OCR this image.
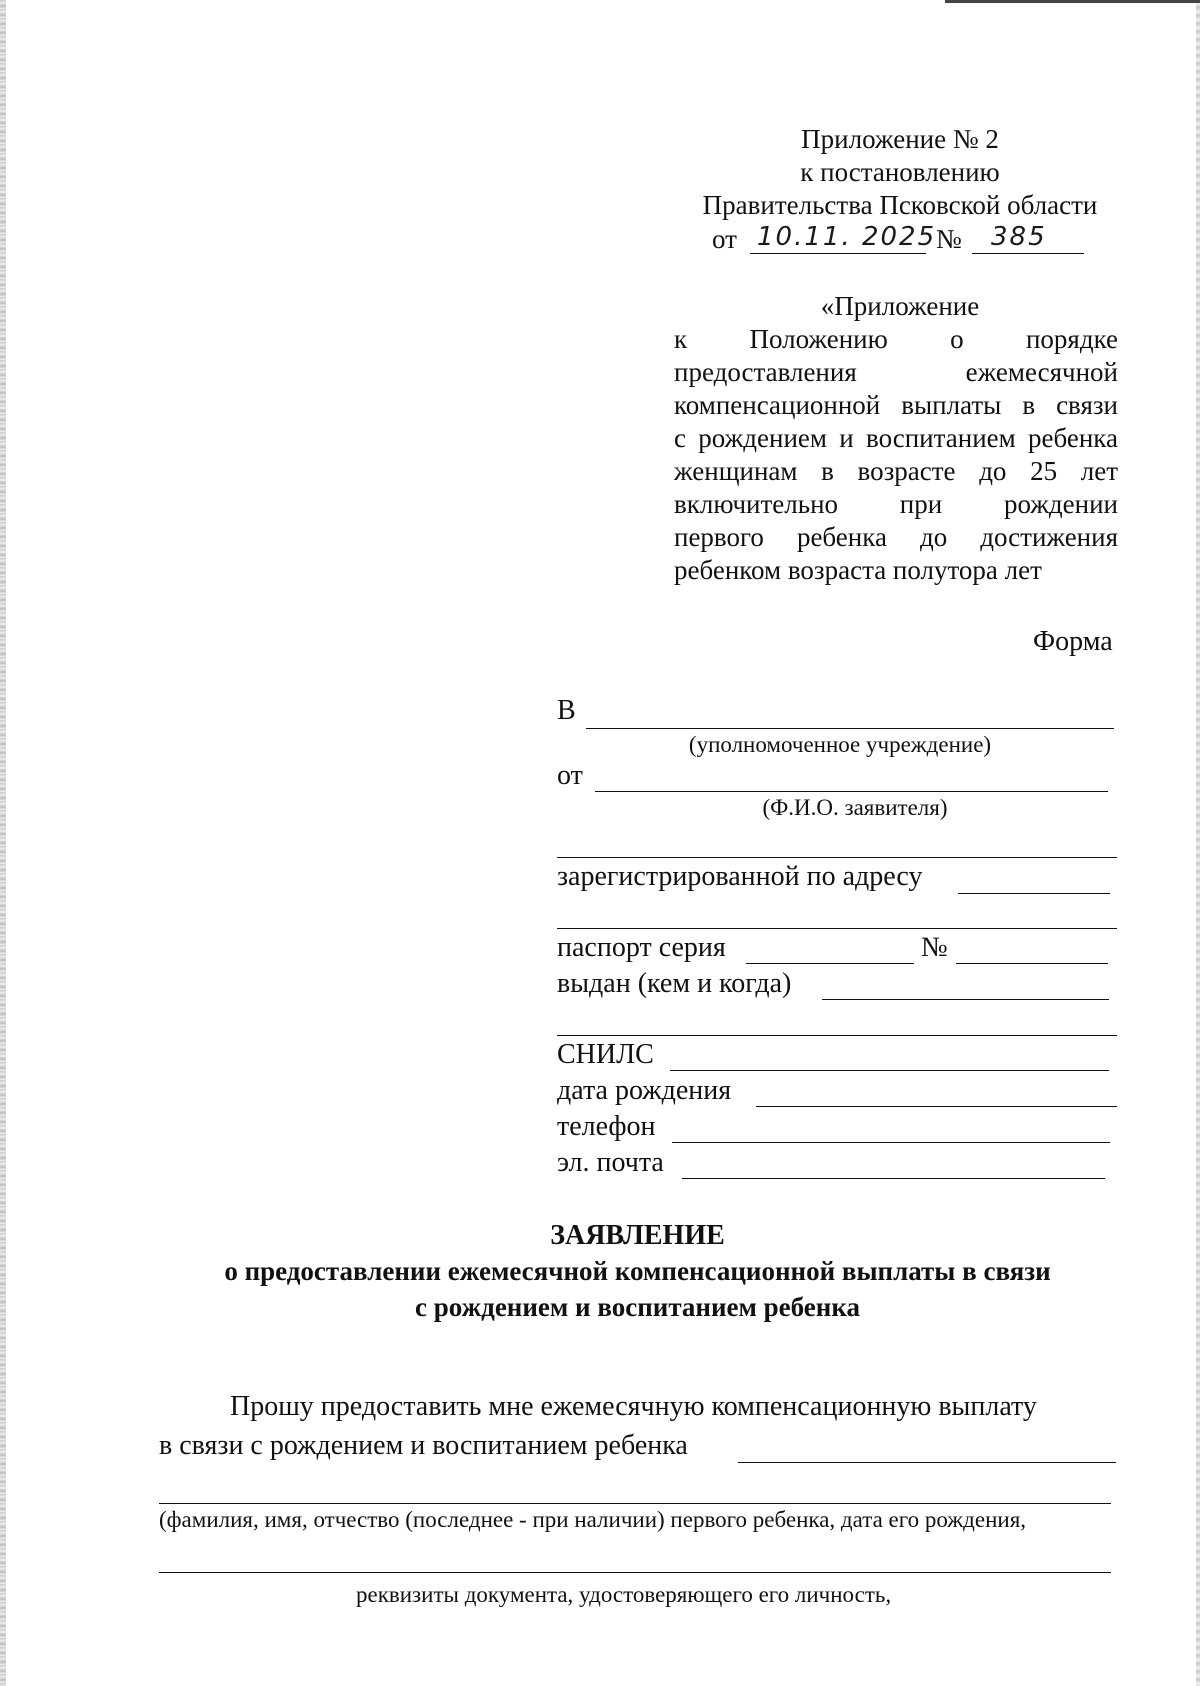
Приложение № 2
к постановлению
Правительства Псковской области
от 10.11. 2025 № 385
«Приложение
к Положению о порядке
предоставления ежемесячной
компенсационной выплаты в связи
с рождением и воспитанием ребенка
женщинам в возрасте до 25 лет
включительно при рождении
первого ребенка до достижения
ребенком возраста полутора лет
Форма
В
(уполномоченное учреждение)
от
(Ф.И.О. заявителя)
зарегистрированной по адресу
паспорт серия	№
выдан (кем и когда)
СНИЛС
дата рождения
телефон
эл. почта
ЗАЯВЛЕНИЕ
о предоставлении ежемесячной компенсационной выплаты в связи
с рождением и воспитанием ребенка
Прошу предоставить мне ежемесячную компенсационную выплату
в связи с рождением и воспитанием ребенка
(фамилия, имя, отчество (последнее - при наличии) первого ребенка, дата его рождения,
реквизиты документа, удостоверяющего его личность,
